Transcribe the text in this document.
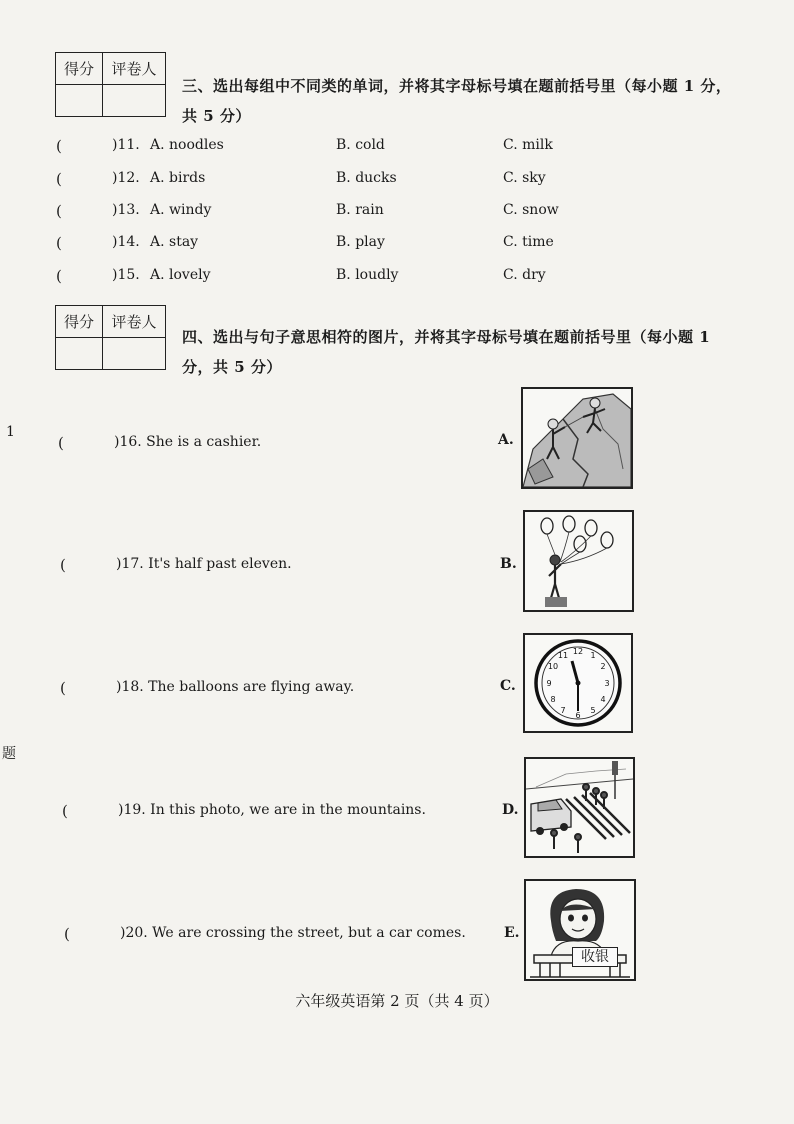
得分	评卷人

三、选出每组中不同类的单词，并将其字母标号填在题前括号里（每小题 1 分，
共 5 分）
(	)11. A. noodles	B. cold	C. milk
(	)12. A. birds	B. ducks	C. sky
(	)13. A. windy	B. rain	C. snow
(	)14. A. stay	B. play	C. time
(	)15. A. lovely	B. loudly	C. dry
得分	评卷人

四、选出与句子意思相符的图片，并将其字母标号填在题前括号里（每小题 1
分，共 5 分）
1
题
(	)16. She is a cashier.
(	)17. It's half past eleven.
(	)18. The balloons are flying away.
(	)19. In this photo, we are in the mountains.
(	)20. We are crossing the street, but a car comes.
A.
B.
C.
D.
E.
12 1
2
3
4
5
6
7
8
9
10
11
收银
六年级英语第 2 页（共 4 页）
